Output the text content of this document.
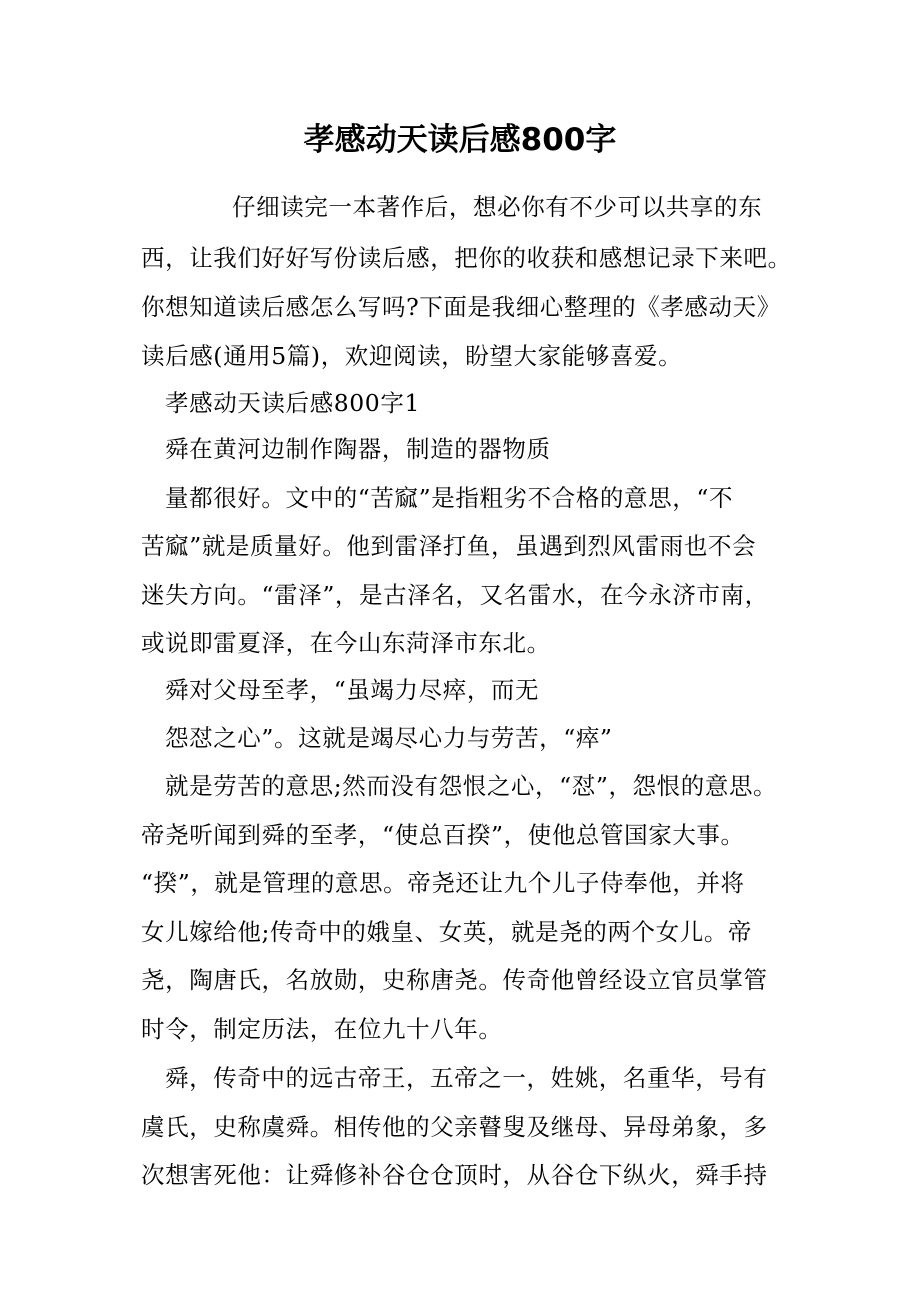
孝感动天读后感800字
仔细读完一本著作后，想必你有不少可以共享的东
西，让我们好好写份读后感，把你的收获和感想记录下来吧。
你想知道读后感怎么写吗?下面是我细心整理的《孝感动天》
读后感(通用5篇)，欢迎阅读，盼望大家能够喜爱。
孝感动天读后感800字1
舜在黄河边制作陶器，制造的器物质
量都很好。文中的“苦窳”是指粗劣不合格的意思，“不
苦窳”就是质量好。他到雷泽打鱼，虽遇到烈风雷雨也不会
迷失方向。“雷泽”，是古泽名，又名雷水，在今永济市南，
或说即雷夏泽，在今山东菏泽市东北。
舜对父母至孝，“虽竭力尽瘁，而无
怨怼之心”。这就是竭尽心力与劳苦，“瘁”
就是劳苦的意思;然而没有怨恨之心，“怼”，怨恨的意思。
帝尧听闻到舜的至孝，“使总百揆”，使他总管国家大事。
“揆”，就是管理的意思。帝尧还让九个儿子侍奉他，并将
女儿嫁给他;传奇中的娥皇、女英，就是尧的两个女儿。帝
尧，陶唐氏，名放勋，史称唐尧。传奇他曾经设立官员掌管
时令，制定历法，在位九十八年。
舜，传奇中的远古帝王，五帝之一，姓姚，名重华，号有
虞氏，史称虞舜。相传他的父亲瞽叟及继母、异母弟象，多
次想害死他：让舜修补谷仓仓顶时，从谷仓下纵火，舜手持
